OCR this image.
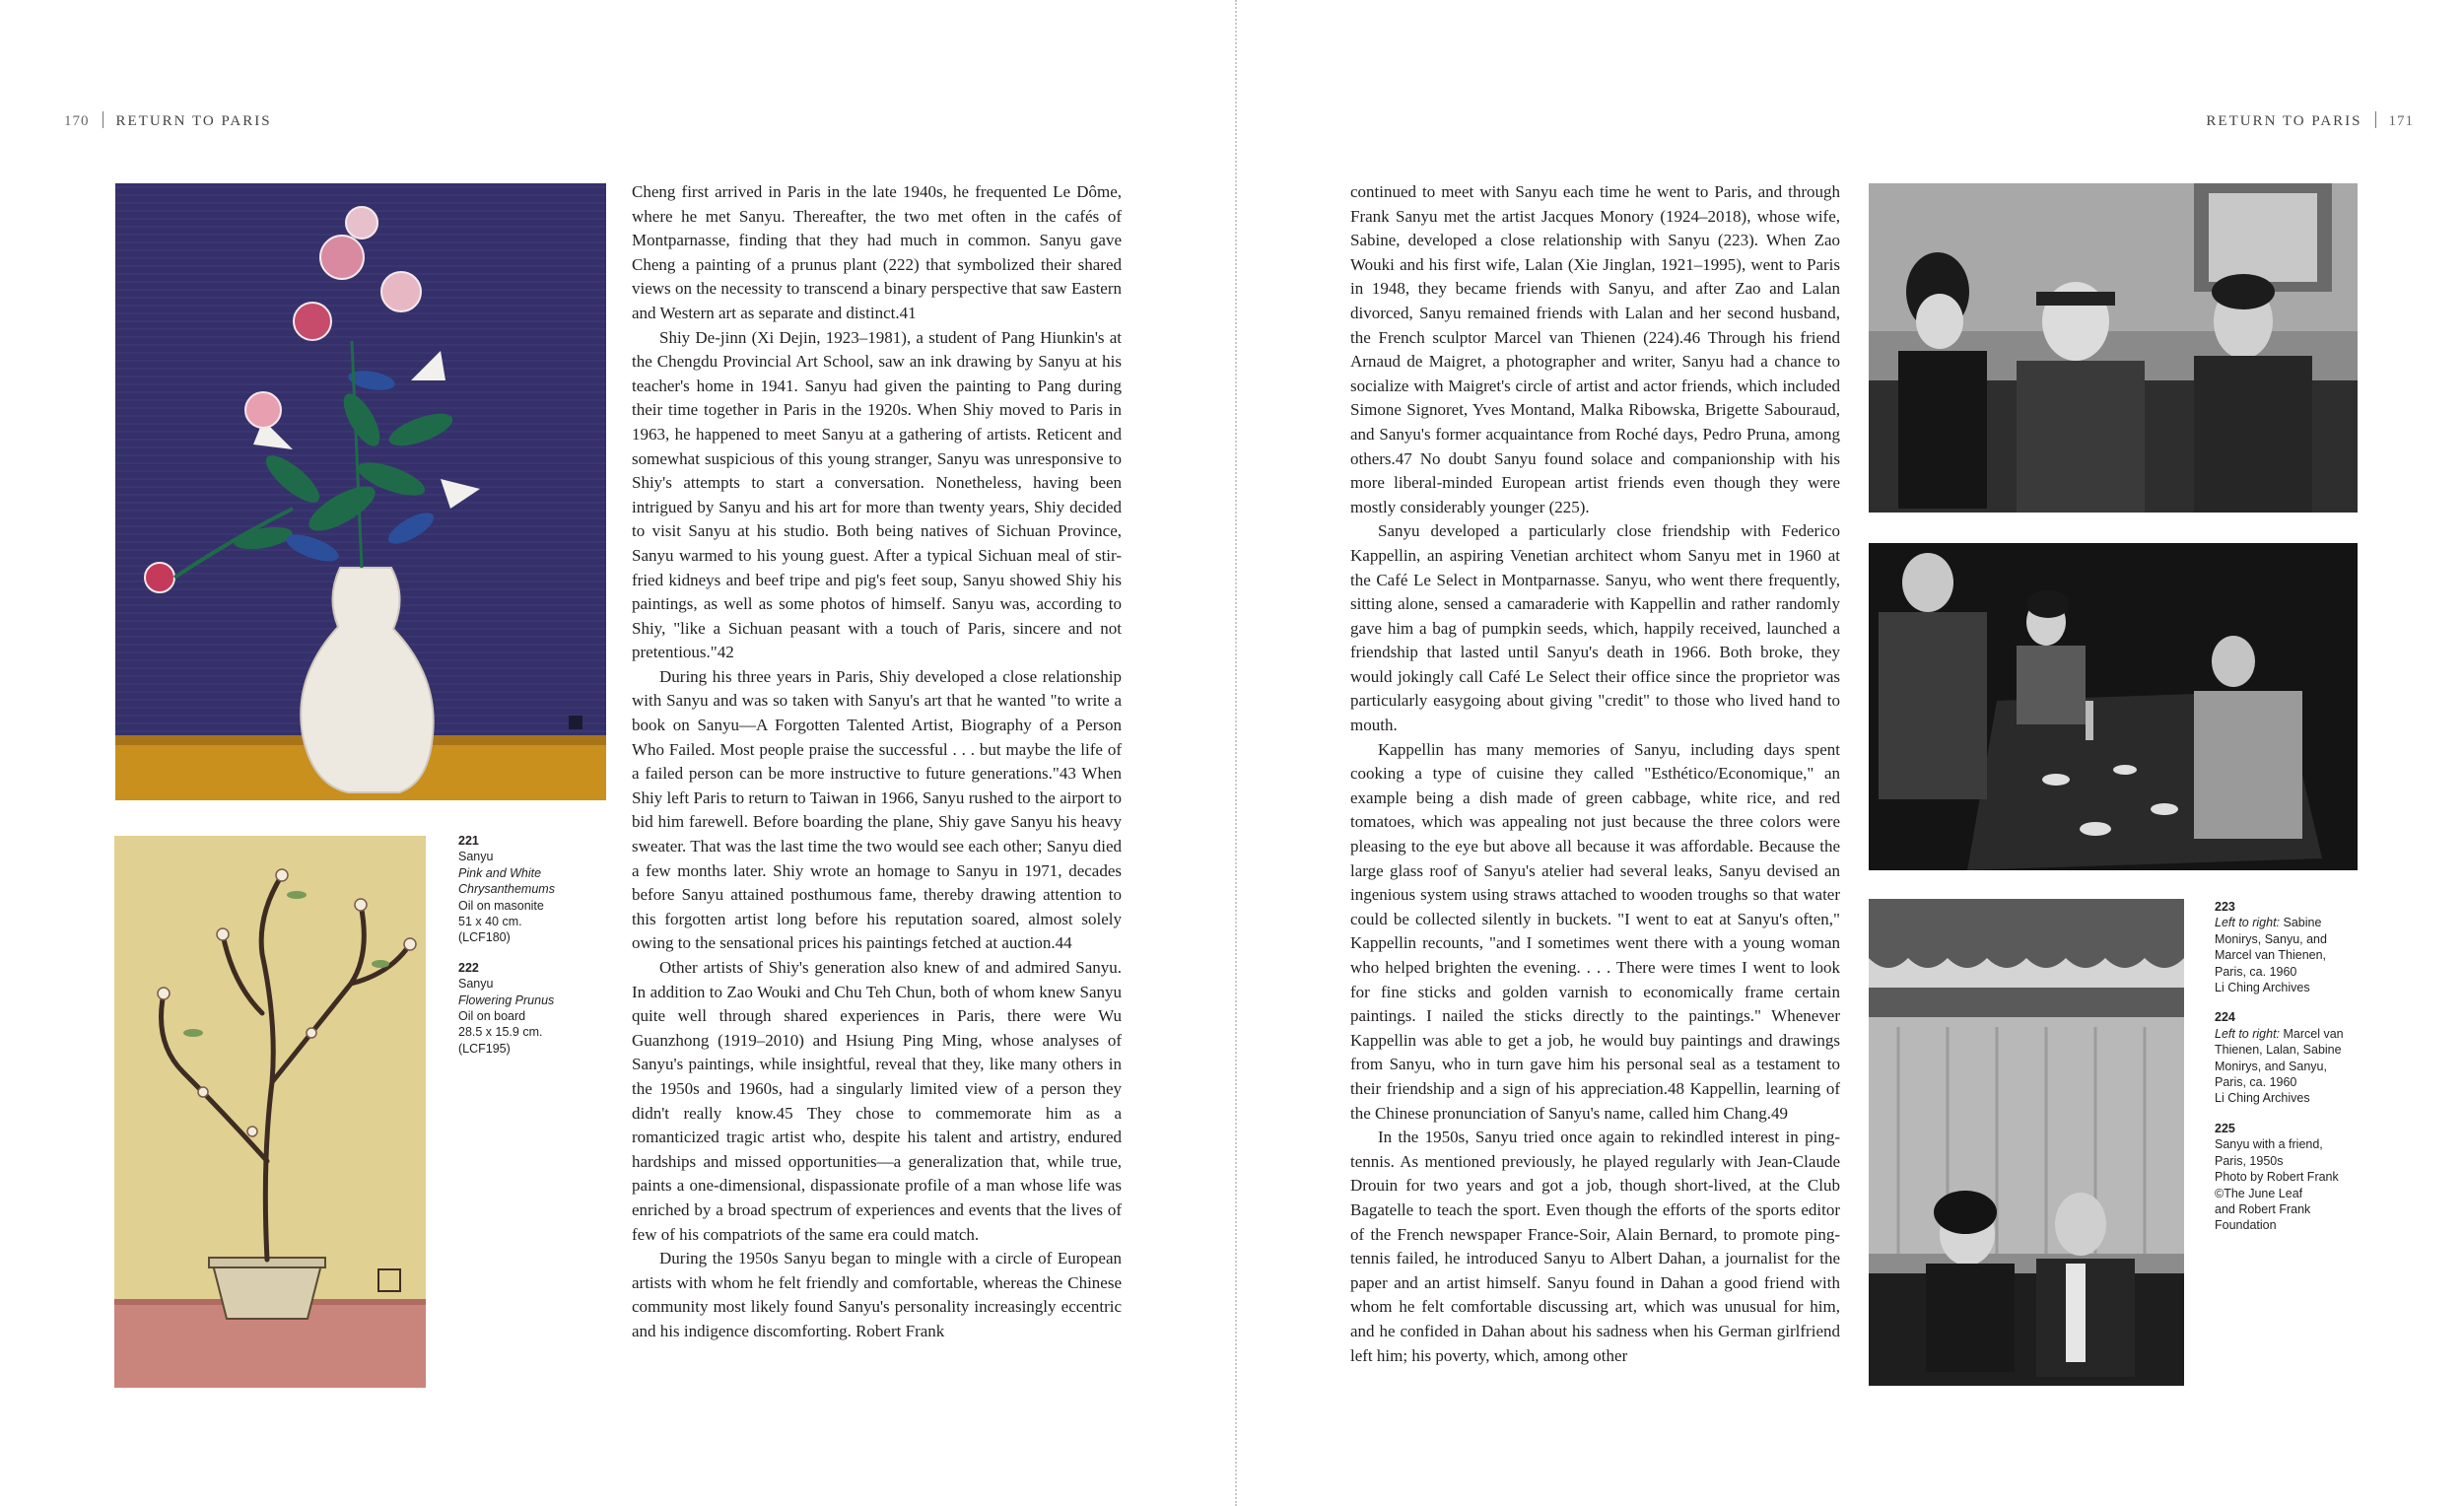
170 RETURN TO PARIS	RETURN TO PARIS 171
221
Sanyu
Pink and White
Chrysanthemums
Oil on masonite
51 x 40 cm.
(LCF180)
222
Sanyu
Flowering Prunus
Oil on board
28.5 x 15.9 cm.
(LCF195)

Cheng first arrived in Paris in the late 1940s, he frequented Le Dôme, where he met Sanyu. Thereafter, the two met often in the cafés of Montparnasse, finding that they had much in common. Sanyu gave Cheng a painting of a prunus plant (222) that symbolized their shared views on the necessity to transcend a binary perspective that saw Eastern and Western art as separate and distinct.41

Shiy De-jinn (Xi Dejin, 1923–1981), a student of Pang Hiunkin's at the Chengdu Provincial Art School, saw an ink drawing by Sanyu at his teacher's home in 1941. Sanyu had given the painting to Pang during their time together in Paris in the 1920s. When Shiy moved to Paris in 1963, he happened to meet Sanyu at a gathering of artists. Reticent and somewhat suspicious of this young stranger, Sanyu was unresponsive to Shiy's attempts to start a conversation. Nonetheless, having been intrigued by Sanyu and his art for more than twenty years, Shiy decided to visit Sanyu at his studio. Both being natives of Sichuan Province, Sanyu warmed to his young guest. After a typical Sichuan meal of stir-fried kidneys and beef tripe and pig's feet soup, Sanyu showed Shiy his paintings, as well as some photos of himself. Sanyu was, according to Shiy, "like a Sichuan peasant with a touch of Paris, sincere and not pretentious."42

During his three years in Paris, Shiy developed a close relationship with Sanyu and was so taken with Sanyu's art that he wanted "to write a book on Sanyu—A Forgotten Talented Artist, Biography of a Person Who Failed. Most people praise the successful . . . but maybe the life of a failed person can be more instructive to future generations."43 When Shiy left Paris to return to Taiwan in 1966, Sanyu rushed to the airport to bid him farewell. Before boarding the plane, Shiy gave Sanyu his heavy sweater. That was the last time the two would see each other; Sanyu died a few months later. Shiy wrote an homage to Sanyu in 1971, decades before Sanyu attained posthumous fame, thereby drawing attention to this forgotten artist long before his reputation soared, almost solely owing to the sensational prices his paintings fetched at auction.44

Other artists of Shiy's generation also knew of and admired Sanyu. In addition to Zao Wouki and Chu Teh Chun, both of whom knew Sanyu quite well through shared experiences in Paris, there were Wu Guanzhong (1919–2010) and Hsiung Ping Ming, whose analyses of Sanyu's paintings, while insightful, reveal that they, like many others in the 1950s and 1960s, had a singularly limited view of a person they didn't really know.45 They chose to commemorate him as a romanticized tragic artist who, despite his talent and artistry, endured hardships and missed opportunities—a generalization that, while true, paints a one-dimensional, dispassionate profile of a man whose life was enriched by a broad spectrum of experiences and events that the lives of few of his compatriots of the same era could match.

During the 1950s Sanyu began to mingle with a circle of European artists with whom he felt friendly and comfortable, whereas the Chinese community most likely found Sanyu's personality increasingly eccentric and his indigence discomforting. Robert Frank

continued to meet with Sanyu each time he went to Paris, and through Frank Sanyu met the artist Jacques Monory (1924–2018), whose wife, Sabine, developed a close relationship with Sanyu (223). When Zao Wouki and his first wife, Lalan (Xie Jinglan, 1921–1995), went to Paris in 1948, they became friends with Sanyu, and after Zao and Lalan divorced, Sanyu remained friends with Lalan and her second husband, the French sculptor Marcel van Thienen (224).46 Through his friend Arnaud de Maigret, a photographer and writer, Sanyu had a chance to socialize with Maigret's circle of artist and actor friends, which included Simone Signoret, Yves Montand, Malka Ribowska, Brigette Sabouraud, and Sanyu's former acquaintance from Roché days, Pedro Pruna, among others.47 No doubt Sanyu found solace and companionship with his more liberal-minded European artist friends even though they were mostly considerably younger (225).

Sanyu developed a particularly close friendship with Federico Kappellin, an aspiring Venetian architect whom Sanyu met in 1960 at the Café Le Select in Montparnasse. Sanyu, who went there frequently, sitting alone, sensed a camaraderie with Kappellin and rather randomly gave him a bag of pumpkin seeds, which, happily received, launched a friendship that lasted until Sanyu's death in 1966. Both broke, they would jokingly call Café Le Select their office since the proprietor was particularly easygoing about giving "credit" to those who lived hand to mouth.

Kappellin has many memories of Sanyu, including days spent cooking a type of cuisine they called "Esthético/Economique," an example being a dish made of green cabbage, white rice, and red tomatoes, which was appealing not just because the three colors were pleasing to the eye but above all because it was affordable. Because the large glass roof of Sanyu's atelier had several leaks, Sanyu devised an ingenious system using straws attached to wooden troughs so that water could be collected silently in buckets. "I went to eat at Sanyu's often," Kappellin recounts, "and I sometimes went there with a young woman who helped brighten the evening. . . . There were times I went to look for fine sticks and golden varnish to economically frame certain paintings. I nailed the sticks directly to the paintings." Whenever Kappellin was able to get a job, he would buy paintings and drawings from Sanyu, who in turn gave him his personal seal as a testament to their friendship and a sign of his appreciation.48 Kappellin, learning of the Chinese pronunciation of Sanyu's name, called him Chang.49

In the 1950s, Sanyu tried once again to rekindled interest in ping-tennis. As mentioned previously, he played regularly with Jean-Claude Drouin for two years and got a job, though short-lived, at the Club Bagatelle to teach the sport. Even though the efforts of the sports editor of the French newspaper France-Soir, Alain Bernard, to promote ping-tennis failed, he introduced Sanyu to Albert Dahan, a journalist for the paper and an artist himself. Sanyu found in Dahan a good friend with whom he felt comfortable discussing art, which was unusual for him, and he confided in Dahan about his sadness when his German girlfriend left him; his poverty, which, among other

223
Left to right: Sabine
Monirys, Sanyu, and
Marcel van Thienen,
Paris, ca. 1960
Li Ching Archives
224
Left to right: Marcel van
Thienen, Lalan, Sabine
Monirys, and Sanyu,
Paris, ca. 1960
Li Ching Archives
225
Sanyu with a friend,
Paris, 1950s
Photo by Robert Frank
©The June Leaf
and Robert Frank
Foundation
